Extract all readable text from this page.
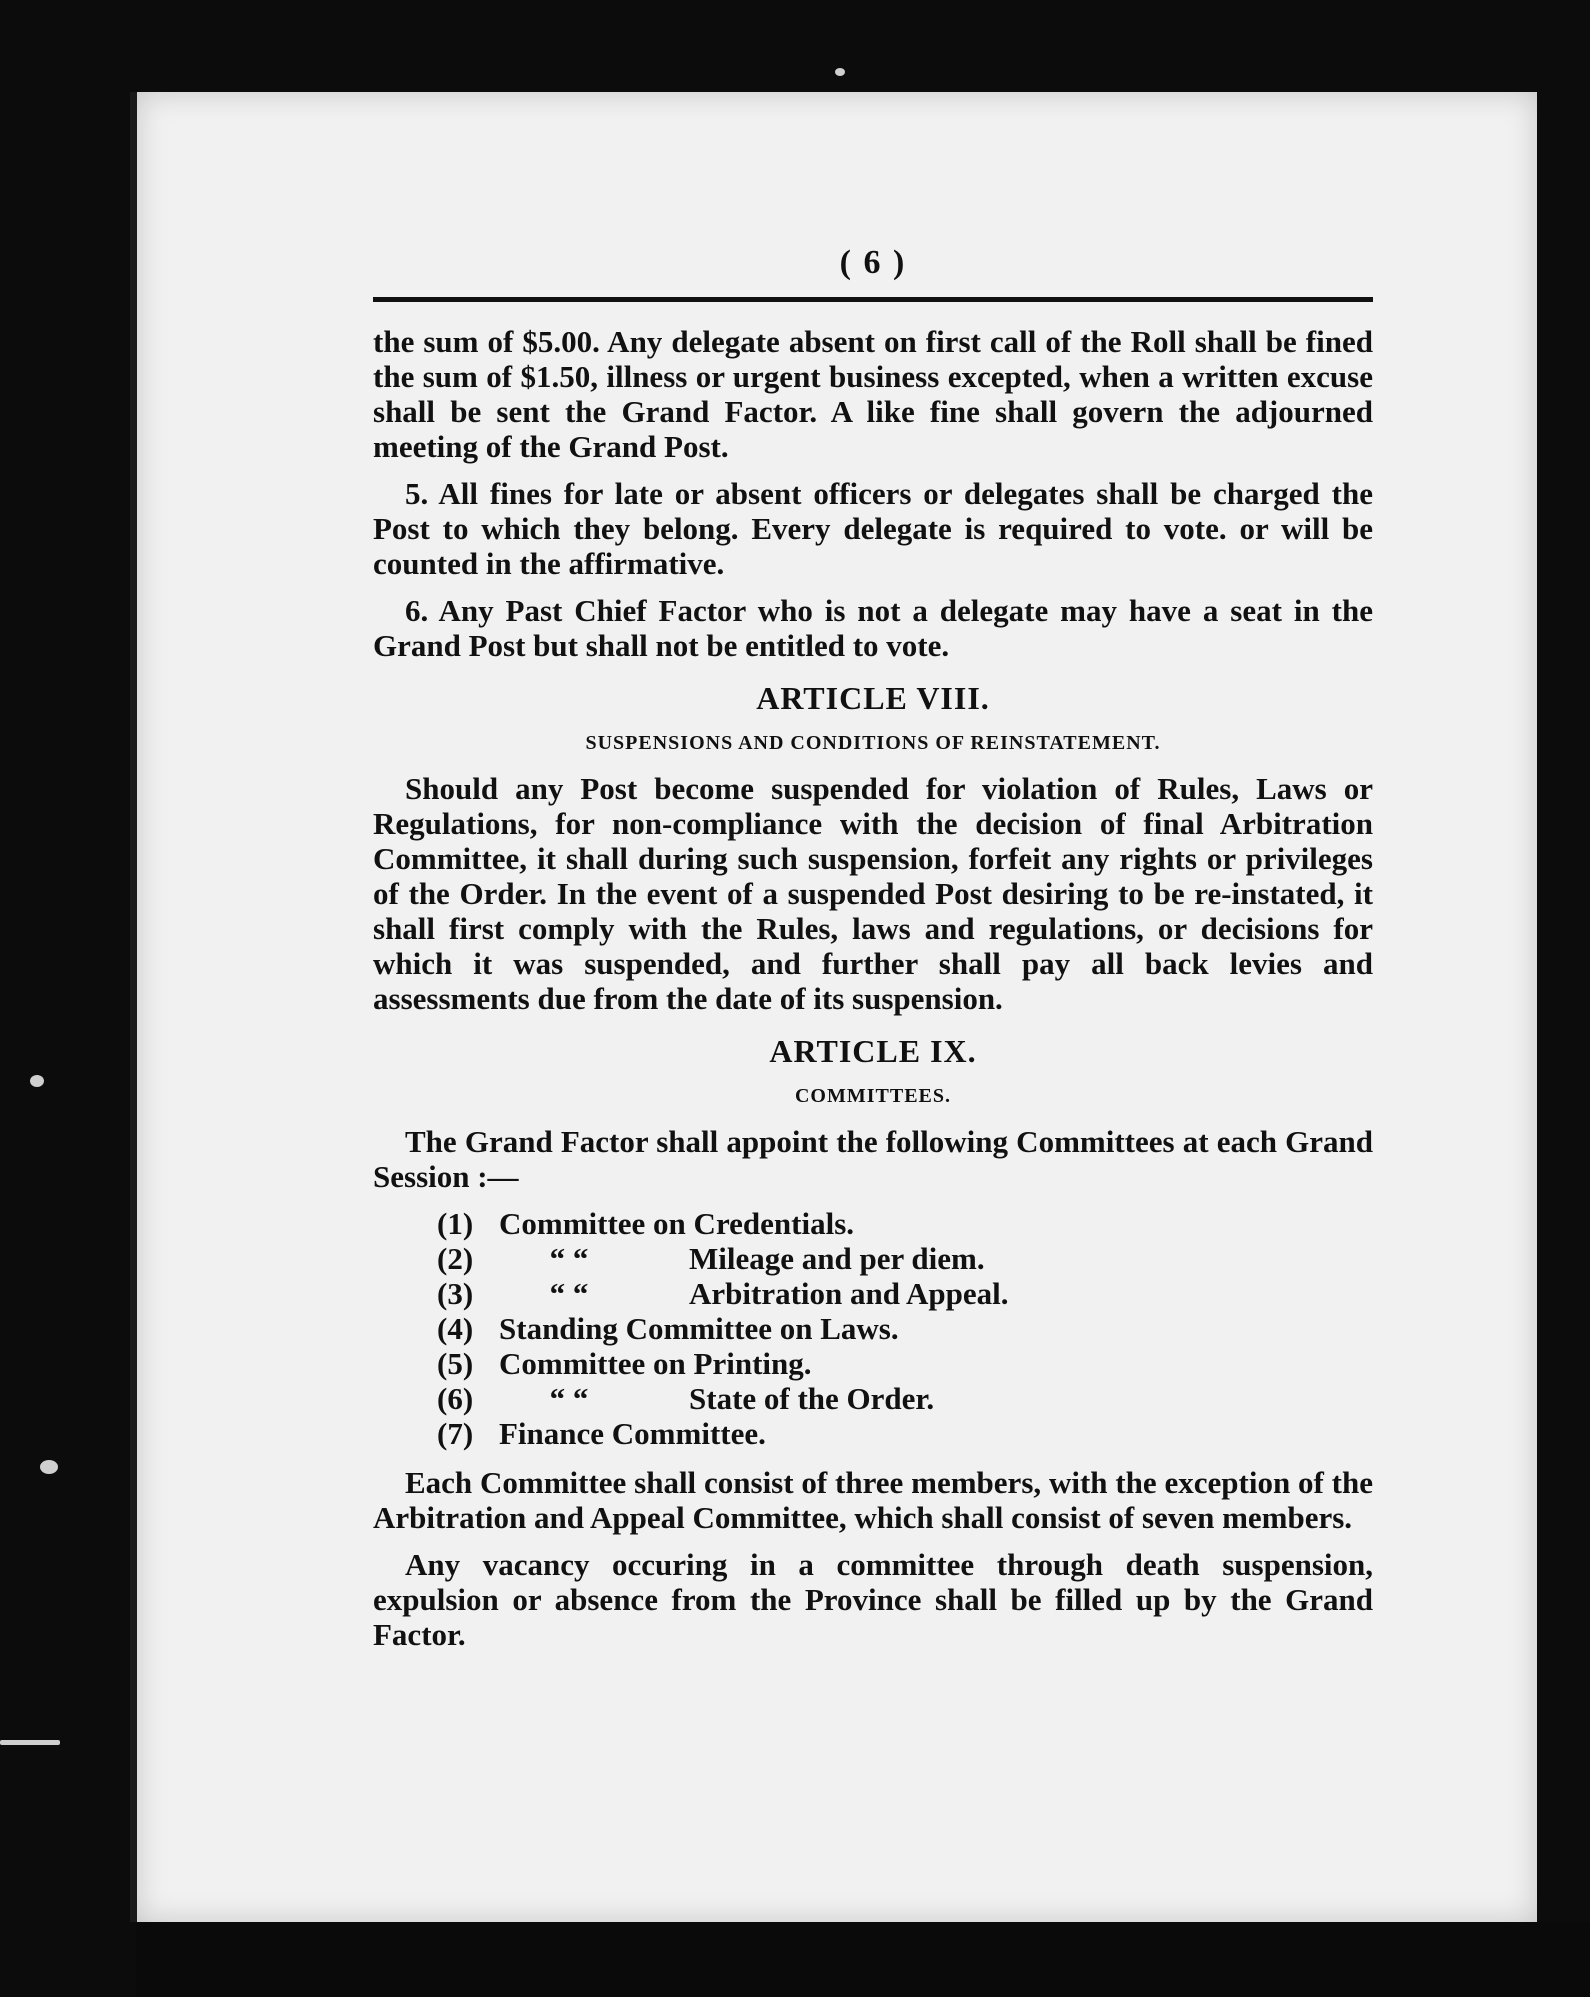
( 6 )

the sum of $5.00. Any delegate absent on first call of the Roll shall be fined the sum of $1.50, illness or urgent business excepted, when a written excuse shall be sent the Grand Factor. A like fine shall govern the adjourned meeting of the Grand Post.

5. All fines for late or absent officers or delegates shall be charged the Post to which they belong. Every delegate is required to vote. or will be counted in the affirmative.

6. Any Past Chief Factor who is not a delegate may have a seat in the Grand Post but shall not be entitled to vote.

ARTICLE VIII.
SUSPENSIONS AND CONDITIONS OF REINSTATEMENT.

Should any Post become suspended for violation of Rules, Laws or Regulations, for non-compliance with the decision of final Arbitration Committee, it shall during such suspension, forfeit any rights or privileges of the Order. In the event of a suspended Post desiring to be re-instated, it shall first comply with the Rules, laws and regulations, or decisions for which it was suspended, and further shall pay all back levies and assessments due from the date of its suspension.

ARTICLE IX.
COMMITTEES.

The Grand Factor shall appoint the following Committees at each Grand Session :—

(1) Committee on Credentials.
(2)	“ “	Mileage and per diem.
(3)	“ “	Arbitration and Appeal.
(4) Standing Committee on Laws.
(5) Committee on Printing.
(6)	“ “	State of the Order.
(7) Finance Committee.

Each Committee shall consist of three members, with the exception of the Arbitration and Appeal Committee, which shall consist of seven members.

Any vacancy occuring in a committee through death suspension, expulsion or absence from the Province shall be filled up by the Grand Factor.
